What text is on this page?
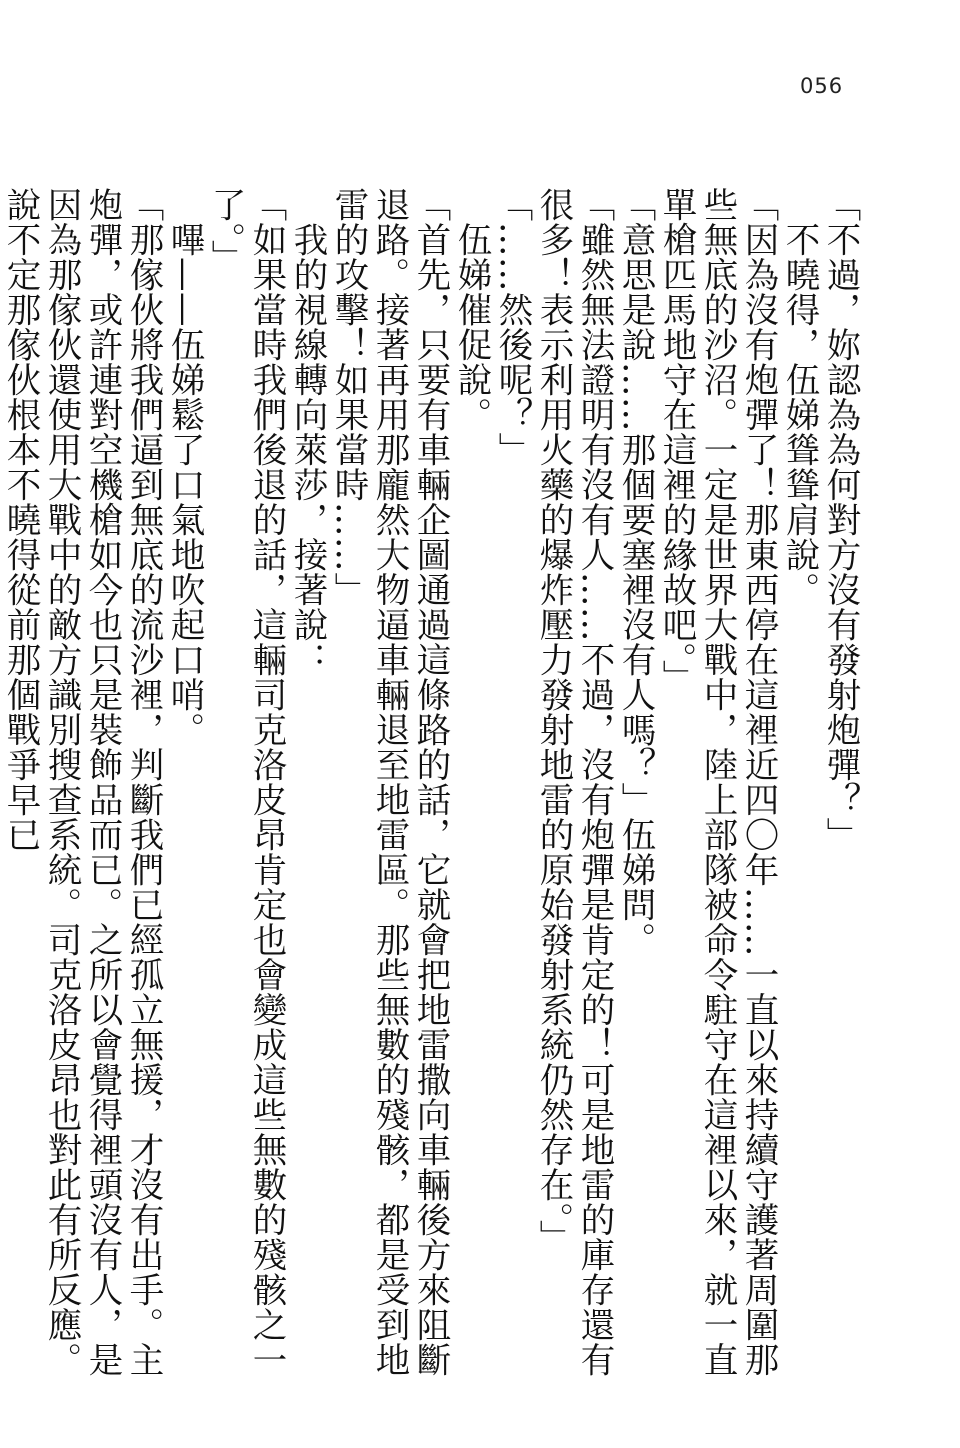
056

「不過，妳認為為何對方沒有發射炮彈？」

不曉得，伍娣聳聳肩說。

「因為沒有炮彈了！那東西停在這裡近四〇年……一直以來持續守護著周圍那些無底的沙沼。一定是世界大戰中，陸上部隊被命令駐守在這裡以來，就一直單槍匹馬地守在這裡的緣故吧。」

「意思是說……那個要塞裡沒有人嗎？」伍娣問。

「雖然無法證明有沒有人……不過，沒有炮彈是肯定的！可是地雷的庫存還有很多！表示利用火藥的爆炸壓力發射地雷的原始發射系統仍然存在。」

「……然後呢？」

伍娣催促說。

「首先，只要有車輛企圖通過這條路的話，它就會把地雷撒向車輛後方來阻斷退路。接著再用那龐然大物逼車輛退至地雷區。那些無數的殘骸，都是受到地雷的攻擊！如果當時……」

我的視線轉向萊莎，接著說：

「如果當時我們後退的話，這輛司克洛皮昂肯定也會變成這些無數的殘骸之一了。」

嗶——伍娣鬆了口氣地吹起口哨。

「那傢伙將我們逼到無底的流沙裡，判斷我們已經孤立無援，才沒有出手。主炮彈，或許連對空機槍如今也只是裝飾品而已。之所以會覺得裡頭沒有人，是因為那傢伙還使用大戰中的敵方識別搜查系統。司克洛皮昂也對此有所反應。說不定那傢伙根本不曉得從前那個戰爭早已
